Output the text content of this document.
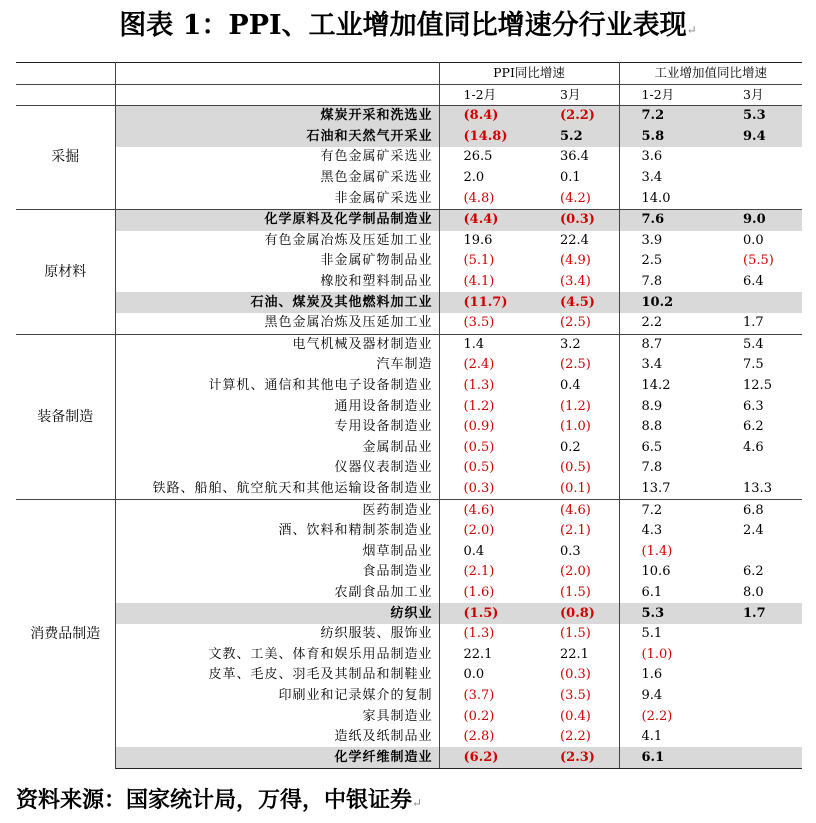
图表 1：PPI、工业增加值同比增速分行业表现↵
		PPI同比增速		工业增加值同比增速	
		1-2月	3月	1-2月	3月
采掘	煤炭开采和洗选业	(8.4)	(2.2)	7.2	5.3
	石油和天然气开采业	(14.8)	5.2	5.8	9.4
	有色金属矿采选业	26.5	36.4	3.6	
	黑色金属矿采选业	2.0	0.1	3.4	
	非金属矿采选业	(4.8)	(4.2)	14.0	
原材料	化学原料及化学制品制造业	(4.4)	(0.3)	7.6	9.0
	有色金属冶炼及压延加工业	19.6	22.4	3.9	0.0
	非金属矿物制品业	(5.1)	(4.9)	2.5	(5.5)
	橡胶和塑料制品业	(4.1)	(3.4)	7.8	6.4
	石油、煤炭及其他燃料加工业	(11.7)	(4.5)	10.2	
	黑色金属冶炼及压延加工业	(3.5)	(2.5)	2.2	1.7
装备制造	电气机械及器材制造业	1.4	3.2	8.7	5.4
	汽车制造	(2.4)	(2.5)	3.4	7.5
	计算机、通信和其他电子设备制造业	(1.3)	0.4	14.2	12.5
	通用设备制造业	(1.2)	(1.2)	8.9	6.3
	专用设备制造业	(0.9)	(1.0)	8.8	6.2
	金属制品业	(0.5)	0.2	6.5	4.6
	仪器仪表制造业	(0.5)	(0.5)	7.8	
	铁路、船舶、航空航天和其他运输设备制造业	(0.3)	(0.1)	13.7	13.3
消费品制造	医药制造业	(4.6)	(4.6)	7.2	6.8
	酒、饮料和精制茶制造业	(2.0)	(2.1)	4.3	2.4
	烟草制品业	0.4	0.3	(1.4)	
	食品制造业	(2.1)	(2.0)	10.6	6.2
	农副食品加工业	(1.6)	(1.5)	6.1	8.0
	纺织业	(1.5)	(0.8)	5.3	1.7
	纺织服装、服饰业	(1.3)	(1.5)	5.1	
	文教、工美、体育和娱乐用品制造业	22.1	22.1	(1.0)	
	皮革、毛皮、羽毛及其制品和制鞋业	0.0	(0.3)	1.6	
	印刷业和记录媒介的复制	(3.7)	(3.5)	9.4	
	家具制造业	(0.2)	(0.4)	(2.2)	
	造纸及纸制品业	(2.8)	(2.2)	4.1	
	化学纤维制造业	(6.2)	(2.3)	6.1	
资料来源：国家统计局，万得，中银证券↵
